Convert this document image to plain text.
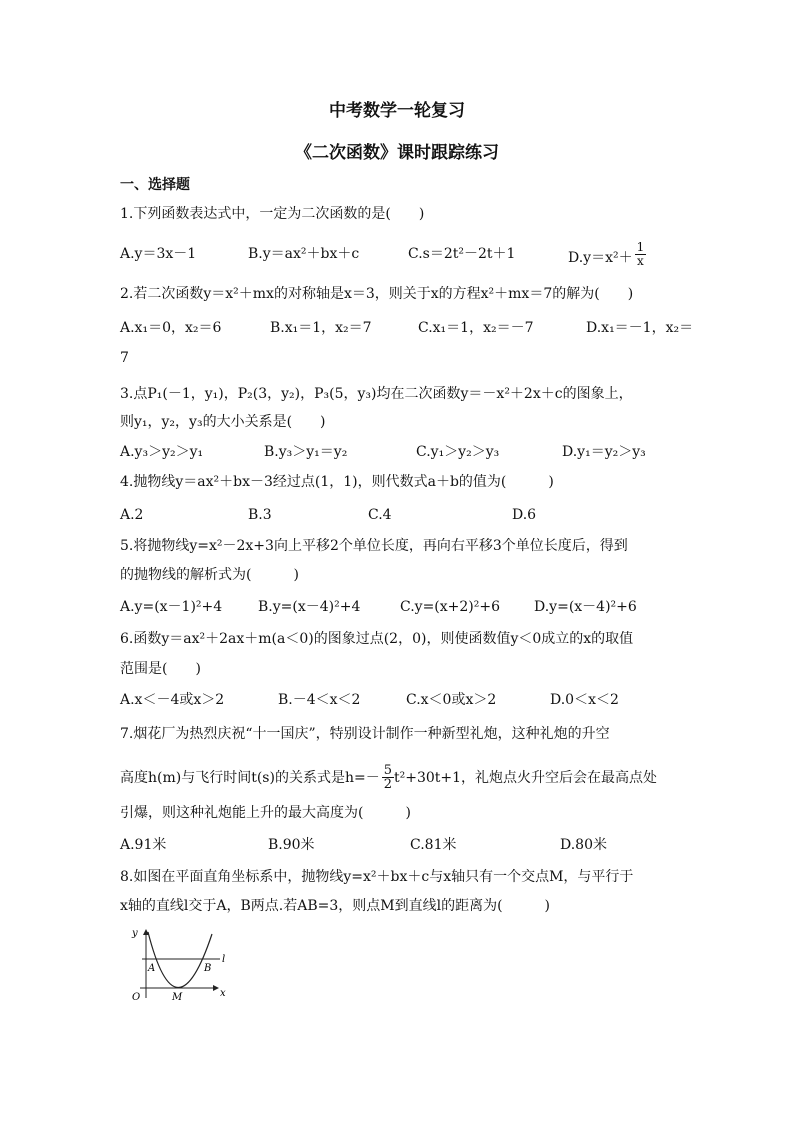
中考数学一轮复习
《二次函数》课时跟踪练习
一、选择题
1.下列函数表达式中，一定为二次函数的是(　　)
A.y＝3x－1	B.y＝ax²＋bx＋c	C.s＝2t²－2t＋1	$D.y=x^2+ \frac{1}{x}$
2.若二次函数y＝x²＋mx的对称轴是x＝3，则关于x的方程x²＋mx＝7的解为(　　)
A.x₁＝0，x₂＝6	B.x₁＝1，x₂＝7	C.x₁＝1，x₂＝－7	D.x₁＝－1，x₂＝
7
3.点P₁(－1，y₁)，P₂(3，y₂)，P₃(5，y₃)均在二次函数y＝－x²＋2x＋c的图象上，
则y₁，y₂，y₃的大小关系是(　　)
A.y₃＞y₂＞y₁	B.y₃＞y₁＝y₂	C.y₁＞y₂＞y₃	D.y₁＝y₂＞y₃
4.抛物线y＝ax²＋bx－3经过点(1，1)，则代数式a＋b的值为(　　　)
A.2	B.3	C.4	D.6
5.将抛物线y=x²－2x+3向上平移2个单位长度，再向右平移3个单位长度后，得到
的抛物线的解析式为(　　　)
A.y=(x－1)²+4	B.y=(x－4)²+4	C.y=(x+2)²+6	D.y=(x－4)²+6
6.函数y＝ax²＋2ax＋m(a＜0)的图象过点(2，0)，则使函数值y＜0成立的x的取值
范围是(　　)
A.x＜－4或x＞2	B.－4＜x＜2	C.x＜0或x＞2	D.0＜x＜2
7.烟花厂为热烈庆祝“十一国庆”，特别设计制作一种新型礼炮，这种礼炮的升空
高度h(m)与飞行时间t(s)的关系式是$h=- \frac{5}{2} t^2+30t+1$，礼炮点火升空后会在最高点处
引爆，则这种礼炮能上升的最大高度为(　　　)
A.91米	B.90米	C.81米	D.80米
8.如图在平面直角坐标系中，抛物线y=x²＋bx＋c与x轴只有一个交点M，与平行于
x轴的直线l交于A，B两点.若AB=3，则点M到直线l的距离为(　　　)
y
x
O
A	B
M
l
